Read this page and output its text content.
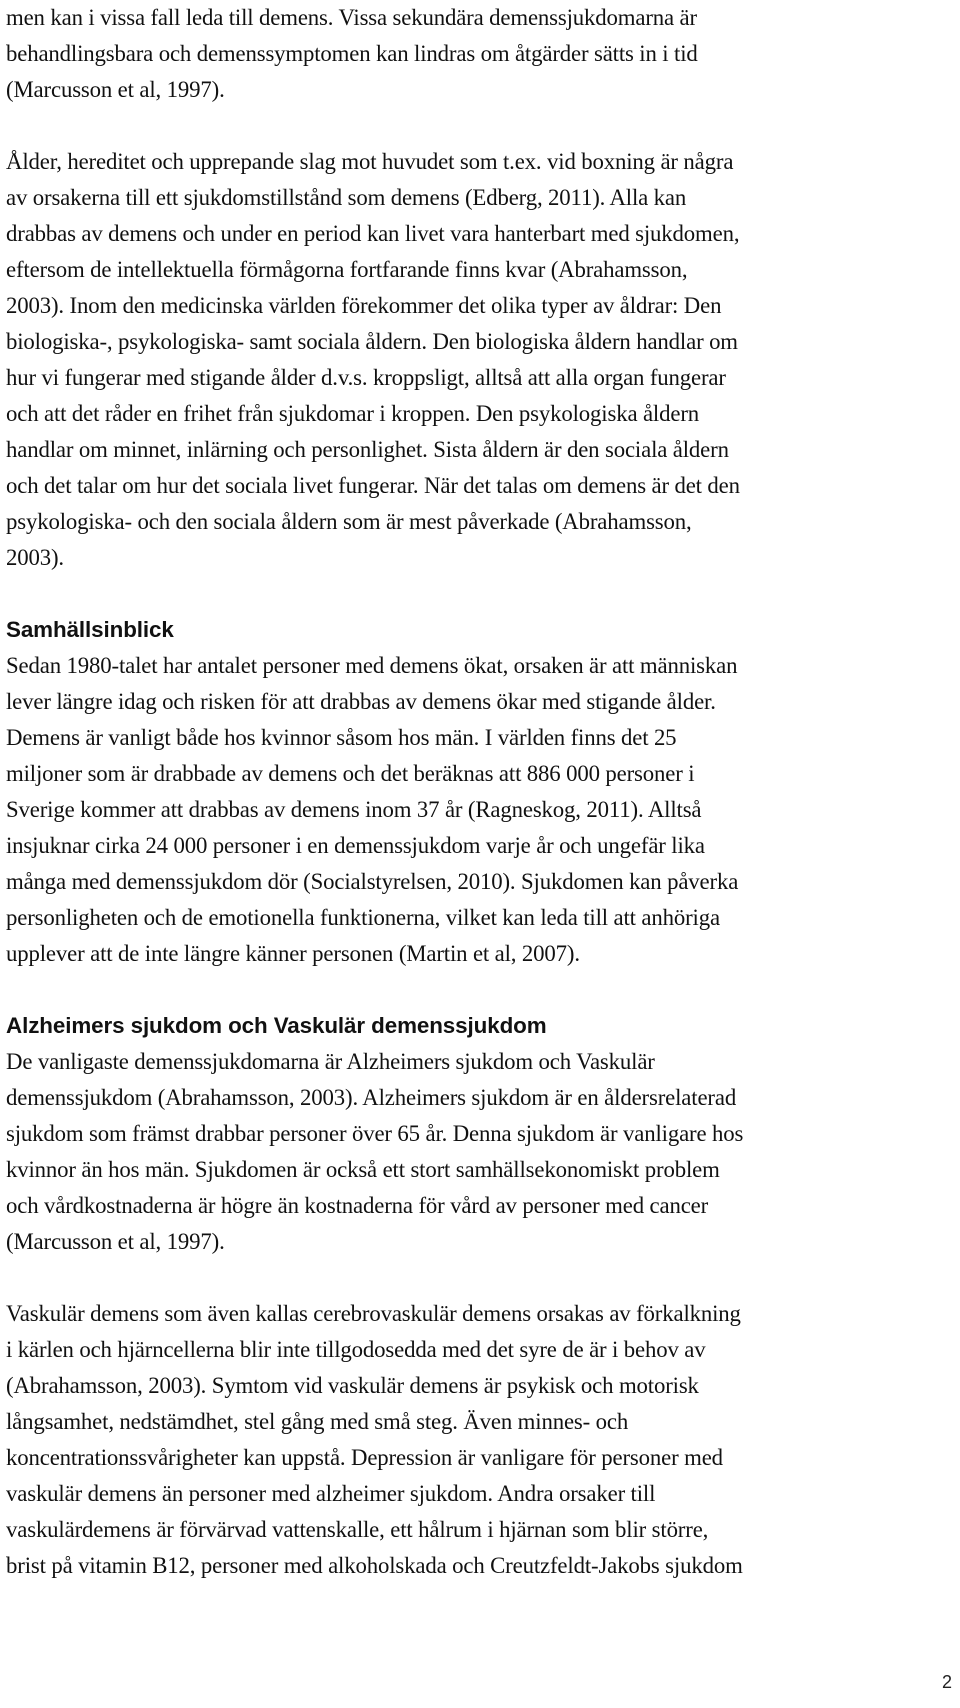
men kan i vissa fall leda till demens. Vissa sekundära demenssjukdomarna är
behandlingsbara och demenssymptomen kan lindras om åtgärder sätts in i tid
(Marcusson et al, 1997).

Ålder, hereditet och upprepande slag mot huvudet som t.ex. vid boxning är några
av orsakerna till ett sjukdomstillstånd som demens (Edberg, 2011). Alla kan
drabbas av demens och under en period kan livet vara hanterbart med sjukdomen,
eftersom de intellektuella förmågorna fortfarande finns kvar (Abrahamsson,
2003). Inom den medicinska världen förekommer det olika typer av åldrar: Den
biologiska-, psykologiska- samt sociala åldern. Den biologiska åldern handlar om
hur vi fungerar med stigande ålder d.v.s. kroppsligt, alltså att alla organ fungerar
och att det råder en frihet från sjukdomar i kroppen. Den psykologiska åldern
handlar om minnet, inlärning och personlighet. Sista åldern är den sociala åldern
och det talar om hur det sociala livet fungerar. När det talas om demens är det den
psykologiska- och den sociala åldern som är mest påverkade (Abrahamsson,
2003).

Samhällsinblick

Sedan 1980-talet har antalet personer med demens ökat, orsaken är att människan
lever längre idag och risken för att drabbas av demens ökar med stigande ålder.
Demens är vanligt både hos kvinnor såsom hos män. I världen finns det 25
miljoner som är drabbade av demens och det beräknas att 886 000 personer i
Sverige kommer att drabbas av demens inom 37 år (Ragneskog, 2011). Alltså
insjuknar cirka 24 000 personer i en demenssjukdom varje år och ungefär lika
många med demenssjukdom dör (Socialstyrelsen, 2010). Sjukdomen kan påverka
personligheten och de emotionella funktionerna, vilket kan leda till att anhöriga
upplever att de inte längre känner personen (Martin et al, 2007).

Alzheimers sjukdom och Vaskulär demenssjukdom

De vanligaste demenssjukdomarna är Alzheimers sjukdom och Vaskulär
demenssjukdom (Abrahamsson, 2003). Alzheimers sjukdom är en åldersrelaterad
sjukdom som främst drabbar personer över 65 år. Denna sjukdom är vanligare hos
kvinnor än hos män. Sjukdomen är också ett stort samhällsekonomiskt problem
och vårdkostnaderna är högre än kostnaderna för vård av personer med cancer
(Marcusson et al, 1997).

Vaskulär demens som även kallas cerebrovaskulär demens orsakas av förkalkning
i kärlen och hjärncellerna blir inte tillgodosedda med det syre de är i behov av
(Abrahamsson, 2003). Symtom vid vaskulär demens är psykisk och motorisk
långsamhet, nedstämdhet, stel gång med små steg. Även minnes- och
koncentrationssvårigheter kan uppstå. Depression är vanligare för personer med
vaskulär demens än personer med alzheimer sjukdom. Andra orsaker till
vaskulärdemens är förvärvad vattenskalle, ett hålrum i hjärnan som blir större,
brist på vitamin B12, personer med alkoholskada och Creutzfeldt-Jakobs sjukdom

2
